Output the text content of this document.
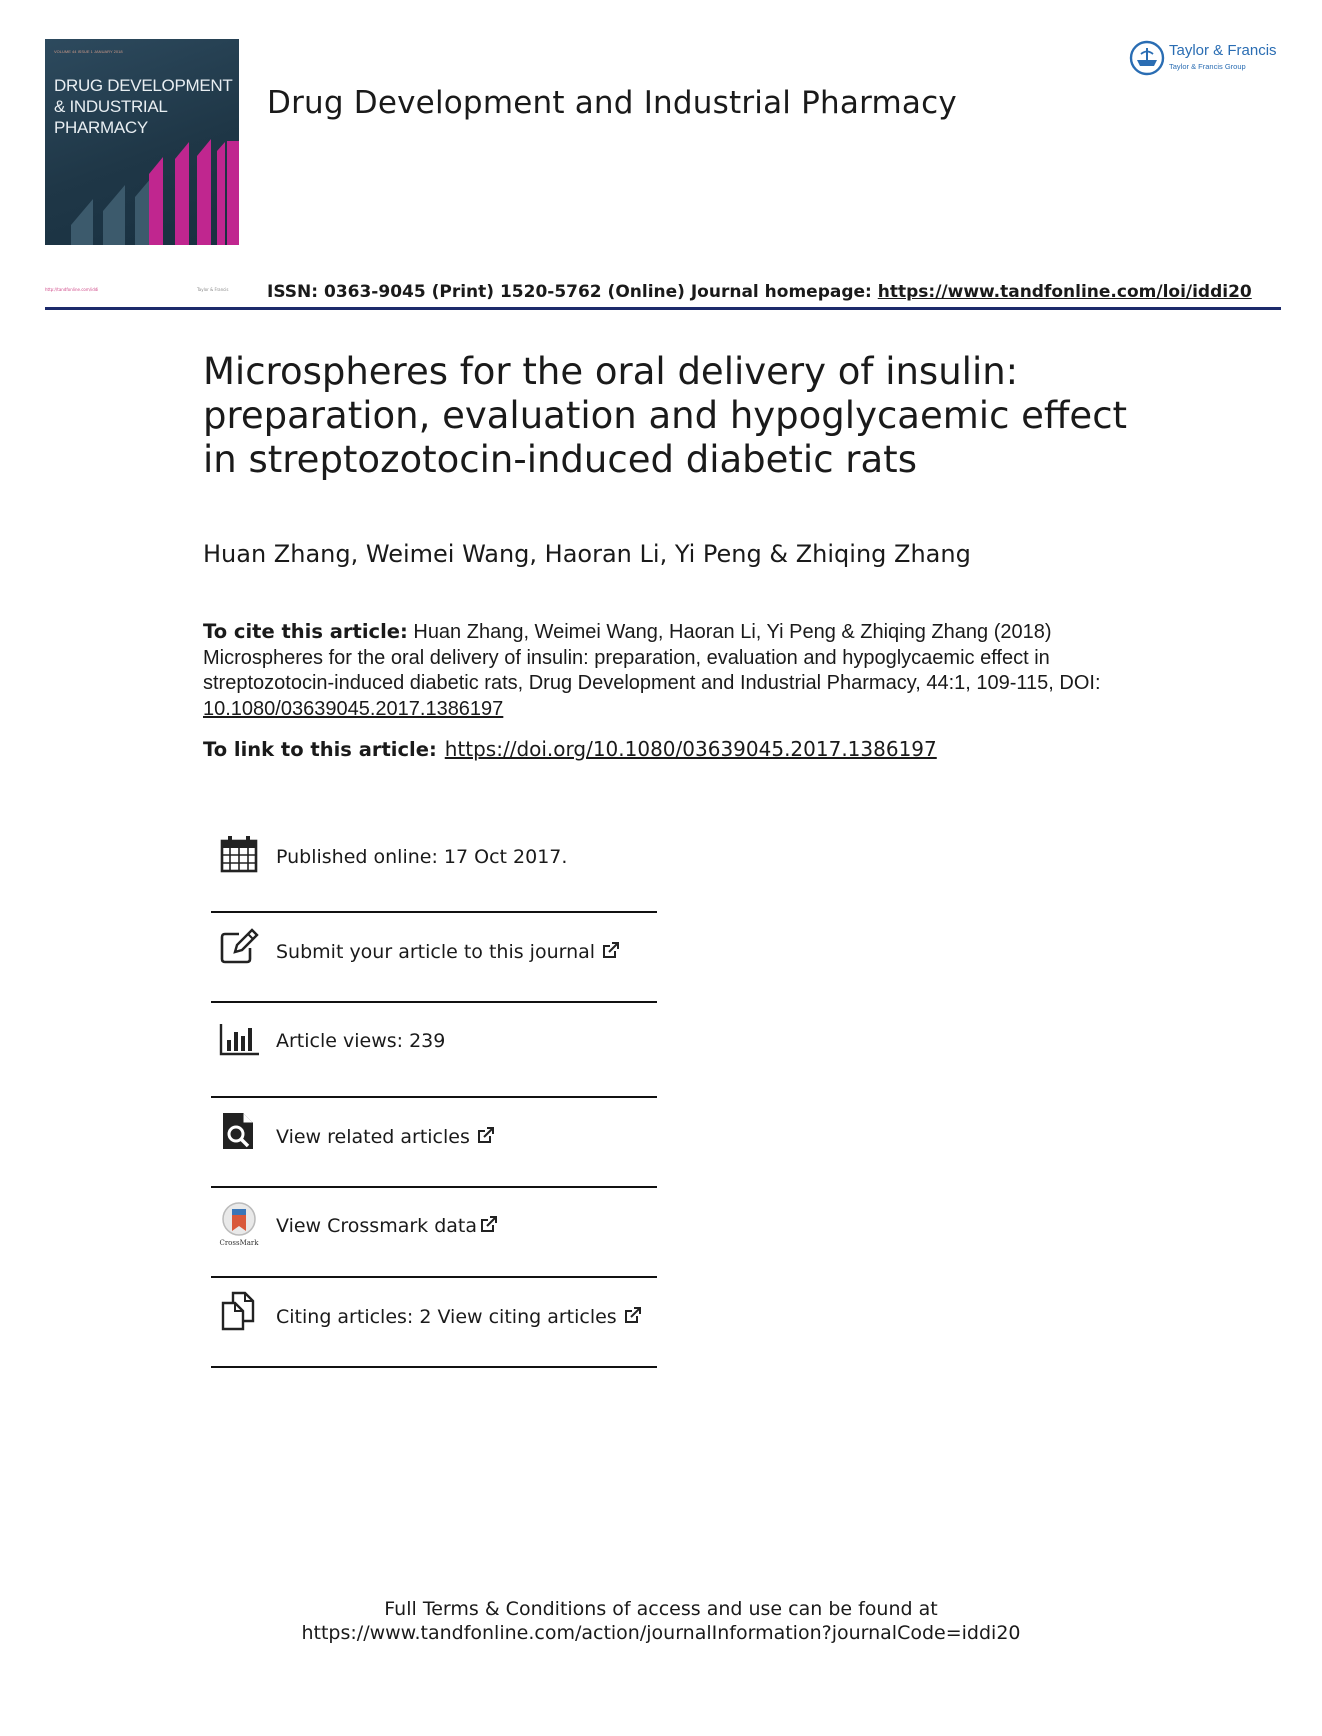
VOLUME 44 ISSUE 1 JANUARY 2018
DRUG DEVELOPMENT
& INDUSTRIAL
PHARMACY
Drug Development and Industrial Pharmacy
Taylor & Francis
Taylor & Francis Group
http://tandfonline.com/iddi	Taylor & Francis ISSN: 0363-9045 (Print) 1520-5762 (Online) Journal homepage: https://www.tandfonline.com/loi/iddi20
Microspheres for the oral delivery of insulin: preparation, evaluation and hypoglycaemic effect in streptozotocin-induced diabetic rats
Huan Zhang, Weimei Wang, Haoran Li, Yi Peng & Zhiqing Zhang
To cite this article: Huan Zhang, Weimei Wang, Haoran Li, Yi Peng & Zhiqing Zhang (2018) Microspheres for the oral delivery of insulin: preparation, evaluation and hypoglycaemic effect in streptozotocin-induced diabetic rats, Drug Development and Industrial Pharmacy, 44:1, 109-115, DOI: 10.1080/03639045.2017.1386197
To link to this article: https://doi.org/10.1080/03639045.2017.1386197
Published online: 17 Oct 2017.
Submit your article to this journal
Article views: 239
View related articles
CrossMark
View Crossmark data
Citing articles: 2 View citing articles
Full Terms & Conditions of access and use can be found at
https://www.tandfonline.com/action/journalInformation?journalCode=iddi20
